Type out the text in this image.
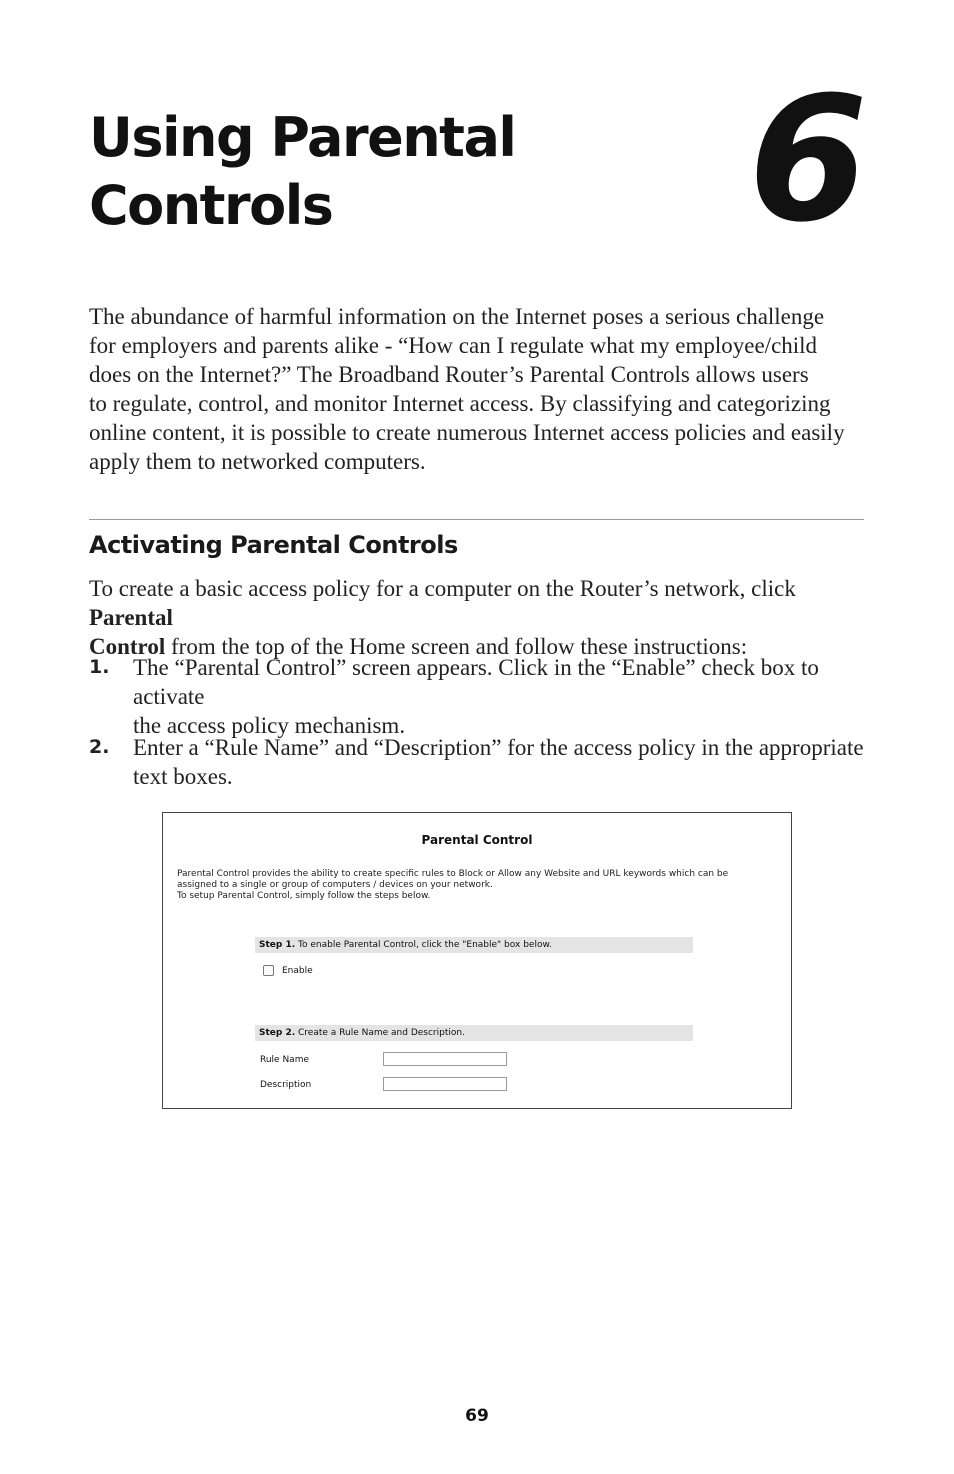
Using Parental
Controls	6
The abundance of harmful information on the Internet poses a serious challenge
for employers and parents alike - “How can I regulate what my employee/child
does on the Internet?” The Broadband Router’s Parental Controls allows users
to regulate, control, and monitor Internet access. By classifying and categorizing
online content, it is possible to create numerous Internet access policies and easily
apply them to networked computers.
Activating Parental Controls
To create a basic access policy for a computer on the Router’s network, click Parental
Control from the top of the Home screen and follow these instructions:
1. The “Parental Control” screen appears. Click in the “Enable” check box to activate
the access policy mechanism.
2. Enter a “Rule Name” and “Description” for the access policy in the appropriate
text boxes.
Parental Control
Parental Control provides the ability to create specific rules to Block or Allow any Website and URL keywords which can be
assigned to a single or group of computers / devices on your network.
To setup Parental Control, simply follow the steps below.
Step 1. To enable Parental Control, click the "Enable" box below.
Enable
Step 2. Create a Rule Name and Description.
Rule Name
Description
69
